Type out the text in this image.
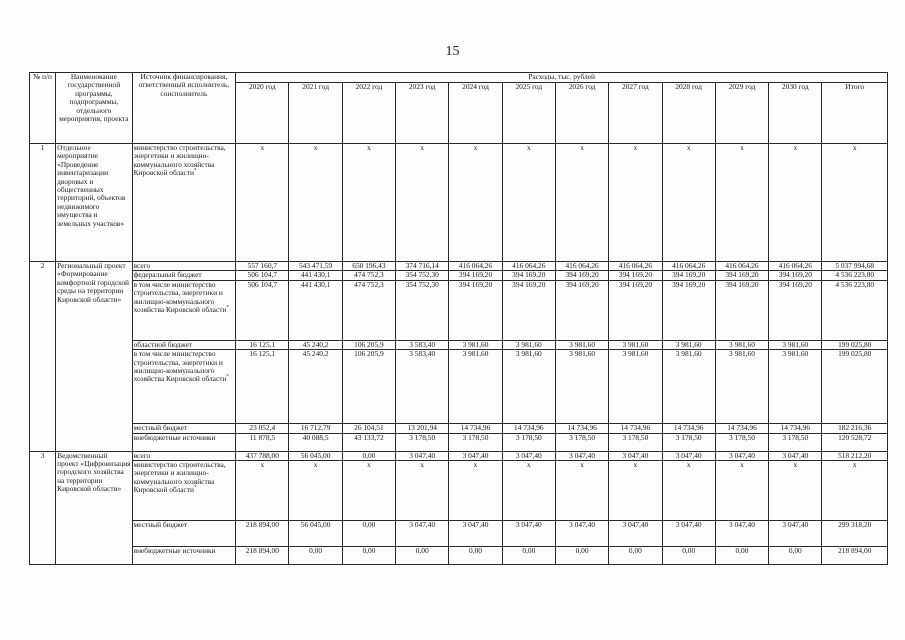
15
№ п/п	Наименование государственной программы, подпрограммы, отдельного мероприятия, проекта	Источник финансирования, ответственный исполнитель, соисполнитель	Расходы, тыс. рублей											
			2020 год	2021 год	2022 год	2023 год	2024 год	2025 год	2026 год	2027 год	2028 год	2029 год	2030 год	Итого
1	Отдельное мероприятие «Проведение инвентаризации дворовых и общественных территорий, объектов недвижимого имущества и земельных участков»	министерство строительства, энергетики и жилищно-коммунального хозяйства Кировской области*	x	x	x	x	x	x	x	x	x	x	x	x
2	Региональный проект «Формирование комфортной городской среды на территории Кировской области»	всего	557 160,7	543 471,59	650 196,43	374 716,14	416 064,26	416 064,26	416 064,26	416 064,26	416 064,26	416 064,26	416 064,26	5 037 994,68
		федеральный бюджет	506 104,7	441 430,1	474 752,3	354 752,30	394 169,20	394 169,20	394 169,20	394 169,20	394 169,20	394 169,20	394 169,20	4 536 223,80
		в том числе министерство строительства, энергетики и жилищно-коммунального хозяйства Кировской области*	506 104,7	441 430,1	474 752,3	354 752,30	394 169,20	394 169,20	394 169,20	394 169,20	394 169,20	394 169,20	394 169,20	4 536 223,80
		областной бюджет	16 125,1	45 240,2	106 205,9	3 583,40	3 981,60	3 981,60	3 981,60	3 981,60	3 981,60	3 981,60	3 981,60	199 025,80
		в том числе министерство строительства, энергетики и жилищно-коммунального хозяйства Кировской области*	16 125,1	45 240,2	106 205,9	3 583,40	3 981,60	3 981,60	3 981,60	3 981,60	3 981,60	3 981,60	3 981,60	199 025,80
		местный бюджет	23 052,4	16 712,79	26 104,51	13 201,94	14 734,96	14 734,96	14 734,96	14 734,96	14 734,96	14 734,96	14 734,96	182 216,36
		внебюджетные источники	11 878,5	40 088,5	43 133,72	3 178,50	3 178,50	3 178,50	3 178,50	3 178,50	3 178,50	3 178,50	3 178,50	120 528,72
3	Ведомственный проект «Цифровизация городского хозяйства на территории Кировской области»	всего	437 788,00	56 045,00	0,00	3 047,40	3 047,40	3 047,40	3 047,40	3 047,40	3 047,40	3 047,40	3 047,40	518 212,20
		министерство строительства, энергетики и жилищно-коммунального хозяйства Кировской области*	x	x	x	x	x	x	x	x	x	x	x	x
		местный бюджет	218 894,00	56 045,00	0,00	3 047,40	3 047,40	3 047,40	3 047,40	3 047,40	3 047,40	3 047,40	3 047,40	299 318,20
		внебюджетные источники	218 894,00	0,00	0,00	0,00	0,00	0,00	0,00	0,00	0,00	0,00	0,00	218 894,00
